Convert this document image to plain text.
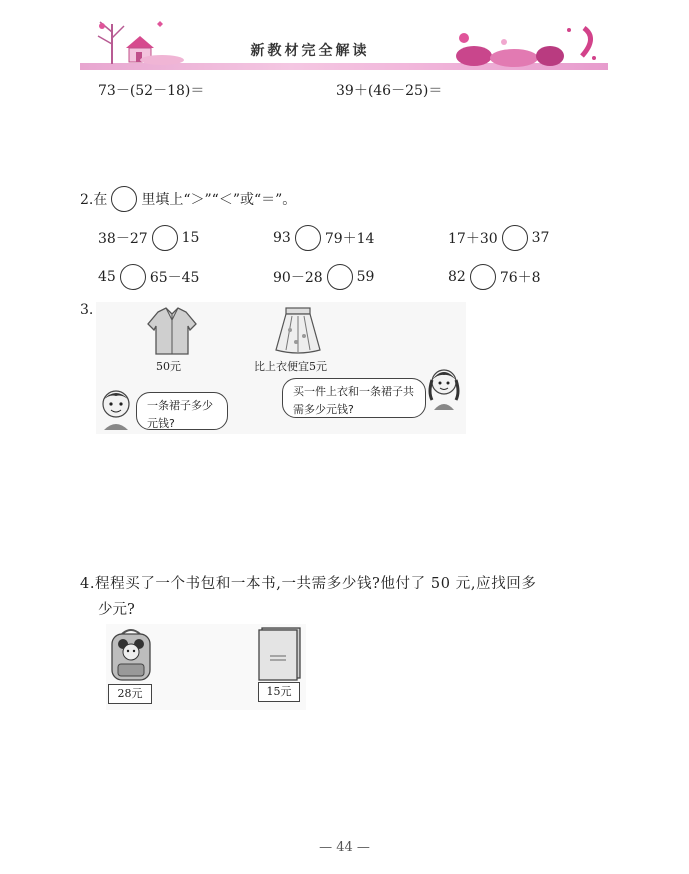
新教材完全解读
73－(52－18)＝	39＋(46－25)＝
2.在 里填上“＞”“＜”或“＝”。
38－27 15	93 79＋14	17＋30 37
45 65－45	90－28 59	82 76＋8
3.
50元	比上衣便宜5元
一条裙子多少元钱?
买一件上衣和一条裙子共需多少元钱?
4.程程买了一个书包和一本书,一共需多少钱?他付了 50 元,应找回多
少元?
28元	15元
— 44 —
